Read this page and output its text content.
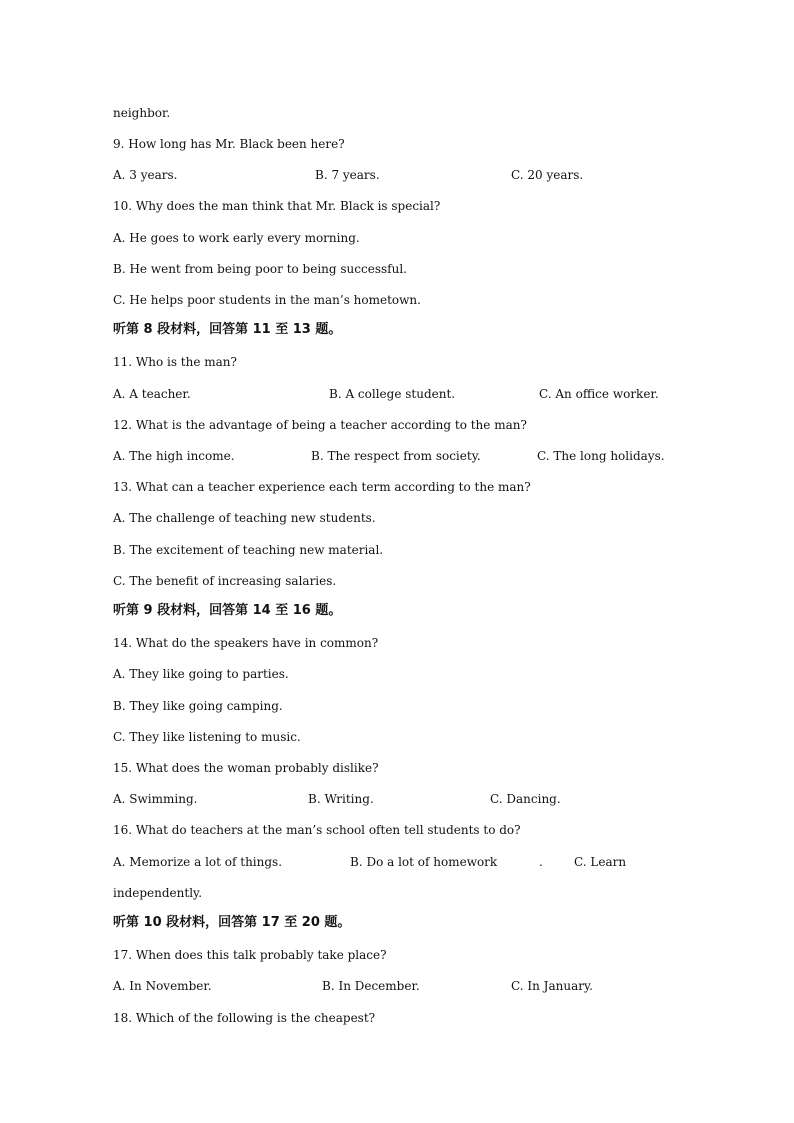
neighbor.
9. How long has Mr. Black been here?

A. 3 years.

	B. 7 years.

	C. 20 years.

10. Why does the man think that Mr. Black is special?
A. He goes to work early every morning.
B. He went from being poor to being successful.
C. He helps poor students in the man’s hometown.
听第 8 段材料，回答第 11 至 13 题。
11. Who is the man?

A. A teacher.

	B. A college student.

	C. An office worker.

12. What is the advantage of being a teacher according to the man?

A. The high income.

	B. The respect from society.

	C. The long holidays.

13. What can a teacher experience each term according to the man?
A. The challenge of teaching new students.
B. The excitement of teaching new material.
C. The benefit of increasing salaries.
听第 9 段材料，回答第 14 至 16 题。
14. What do the speakers have in common?
A. They like going to parties.
B. They like going camping.
C. They like listening to music.
15. What does the woman probably dislike?

A. Swimming.

	B. Writing.

	C. Dancing.

16. What do teachers at the man’s school often tell students to do?

A. Memorize a lot of things.

	B. Do a lot of homework

	.

	C. Learn

independently.
听第 10 段材料，回答第 17 至 20 题。
17. When does this talk probably take place?

A. In November.

	B. In December.

	C. In January.

18. Which of the following is the cheapest?
